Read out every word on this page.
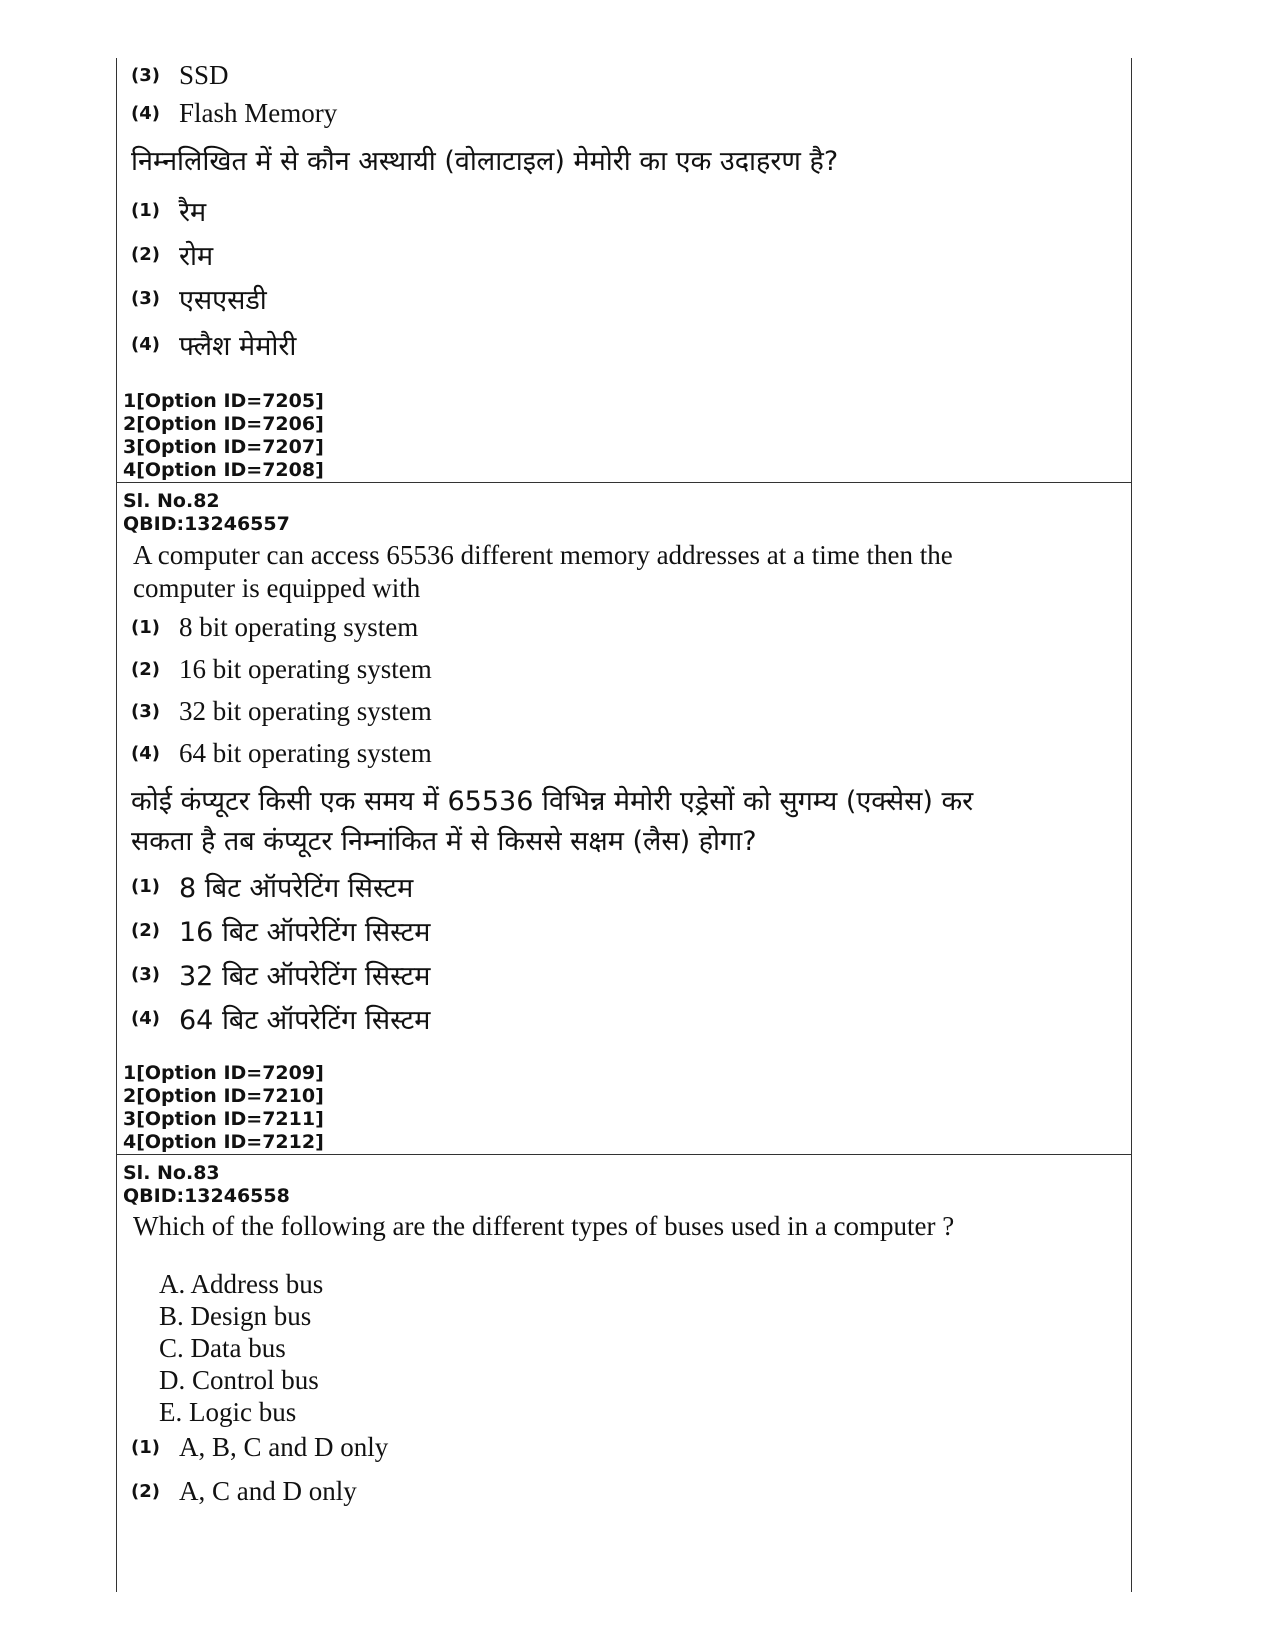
(3) SSD
(4) Flash Memory
निम्नलिखित में से कौन अस्थायी (वोलाटाइल) मेमोरी का एक उदाहरण है?
(1) रैम
(2) रोम
(3) एसएसडी
(4) फ्लैश मेमोरी
1[Option ID=7205]
2[Option ID=7206]
3[Option ID=7207]
4[Option ID=7208]
Sl. No.82
QBID:13246557
A computer can access 65536 different memory addresses at a time then the
computer is equipped with
(1) 8 bit operating system
(2) 16 bit operating system
(3) 32 bit operating system
(4) 64 bit operating system
कोई कंप्यूटर किसी एक समय में 65536 विभिन्न मेमोरी एड्रेसों को सुगम्य (एक्सेस) कर
सकता है तब कंप्यूटर निम्नांकित में से किससे सक्षम (लैस) होगा?
(1) 8 बिट ऑपरेटिंग सिस्टम
(2) 16 बिट ऑपरेटिंग सिस्टम
(3) 32 बिट ऑपरेटिंग सिस्टम
(4) 64 बिट ऑपरेटिंग सिस्टम
1[Option ID=7209]
2[Option ID=7210]
3[Option ID=7211]
4[Option ID=7212]
Sl. No.83
QBID:13246558
Which of the following are the different types of buses used in a computer ?
A. Address bus
B. Design bus
C. Data bus
D. Control bus
E. Logic bus
(1) A, B, C and D only
(2) A, C and D only
